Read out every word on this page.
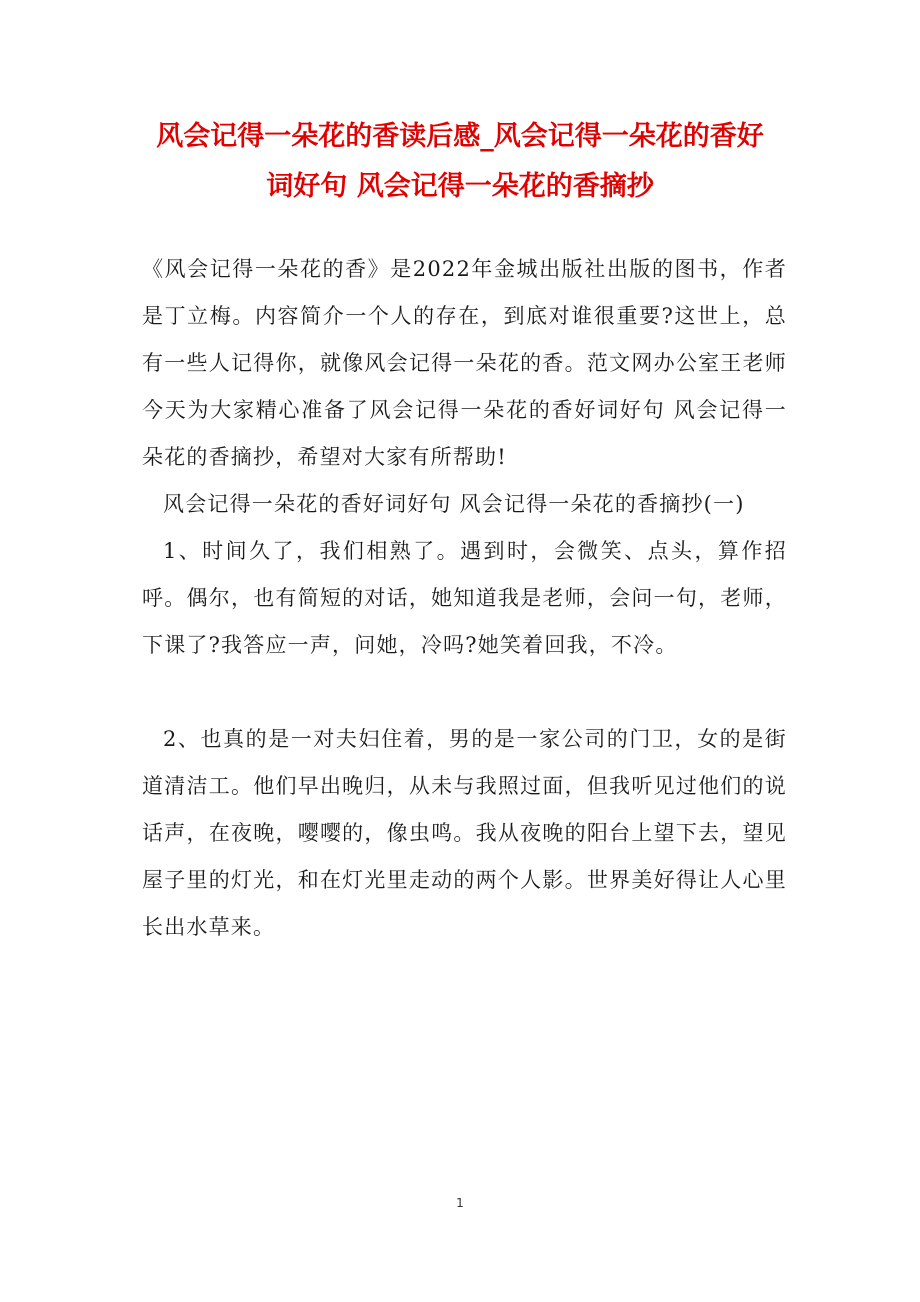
风会记得一朵花的香读后感_风会记得一朵花的香好
词好句 风会记得一朵花的香摘抄

《风会记得一朵花的香》是2022年金城出版社出版的图书，作者是丁立梅。内容简介一个人的存在，到底对谁很重要?这世上，总有一些人记得你，就像风会记得一朵花的香。范文网办公室王老师今天为大家精心准备了风会记得一朵花的香好词好句 风会记得一朵花的香摘抄，希望对大家有所帮助!

风会记得一朵花的香好词好句 风会记得一朵花的香摘抄(一)

1、时间久了，我们相熟了。遇到时，会微笑、点头，算作招呼。偶尔，也有简短的对话，她知道我是老师，会问一句，老师，下课了?我答应一声，问她，冷吗?她笑着回我，不冷。

2、也真的是一对夫妇住着，男的是一家公司的门卫，女的是街道清洁工。他们早出晚归，从未与我照过面，但我听见过他们的说话声，在夜晚，嘤嘤的，像虫鸣。我从夜晚的阳台上望下去，望见屋子里的灯光，和在灯光里走动的两个人影。世界美好得让人心里长出水草来。

1
